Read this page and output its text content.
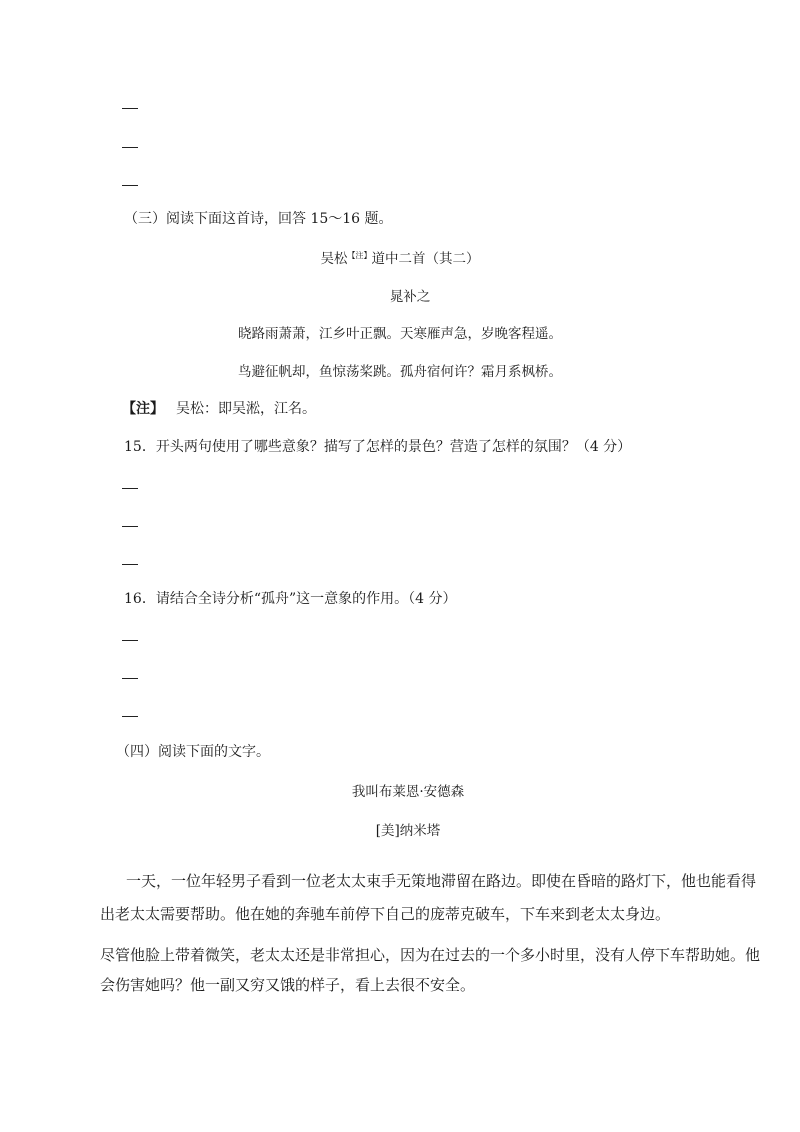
（三）阅读下面这首诗，回答 15～16 题。
吴松$^{【注】}$道中二首（其二）
晁补之
晓路雨萧萧，江乡叶正飘。天寒雁声急，岁晚客程遥。
鸟避征帆却，鱼惊荡桨跳。孤舟宿何许？霜月系枫桥。
【注】 吴松：即吴淞，江名。
15．开头两句使用了哪些意象？描写了怎样的景色？营造了怎样的氛围？（4 分）
16．请结合全诗分析“孤舟”这一意象的作用。（4 分）
（四）阅读下面的文字。
我叫布莱恩·安德森
[美]纳米塔
一天，一位年轻男子看到一位老太太束手无策地滞留在路边。即使在昏暗的路灯下，他也能看得
出老太太需要帮助。他在她的奔驰车前停下自己的庞蒂克破车，下车来到老太太身边。
尽管他脸上带着微笑，老太太还是非常担心，因为在过去的一个多小时里，没有人停下车帮助她。他
会伤害她吗？他一副又穷又饿的样子，看上去很不安全。
